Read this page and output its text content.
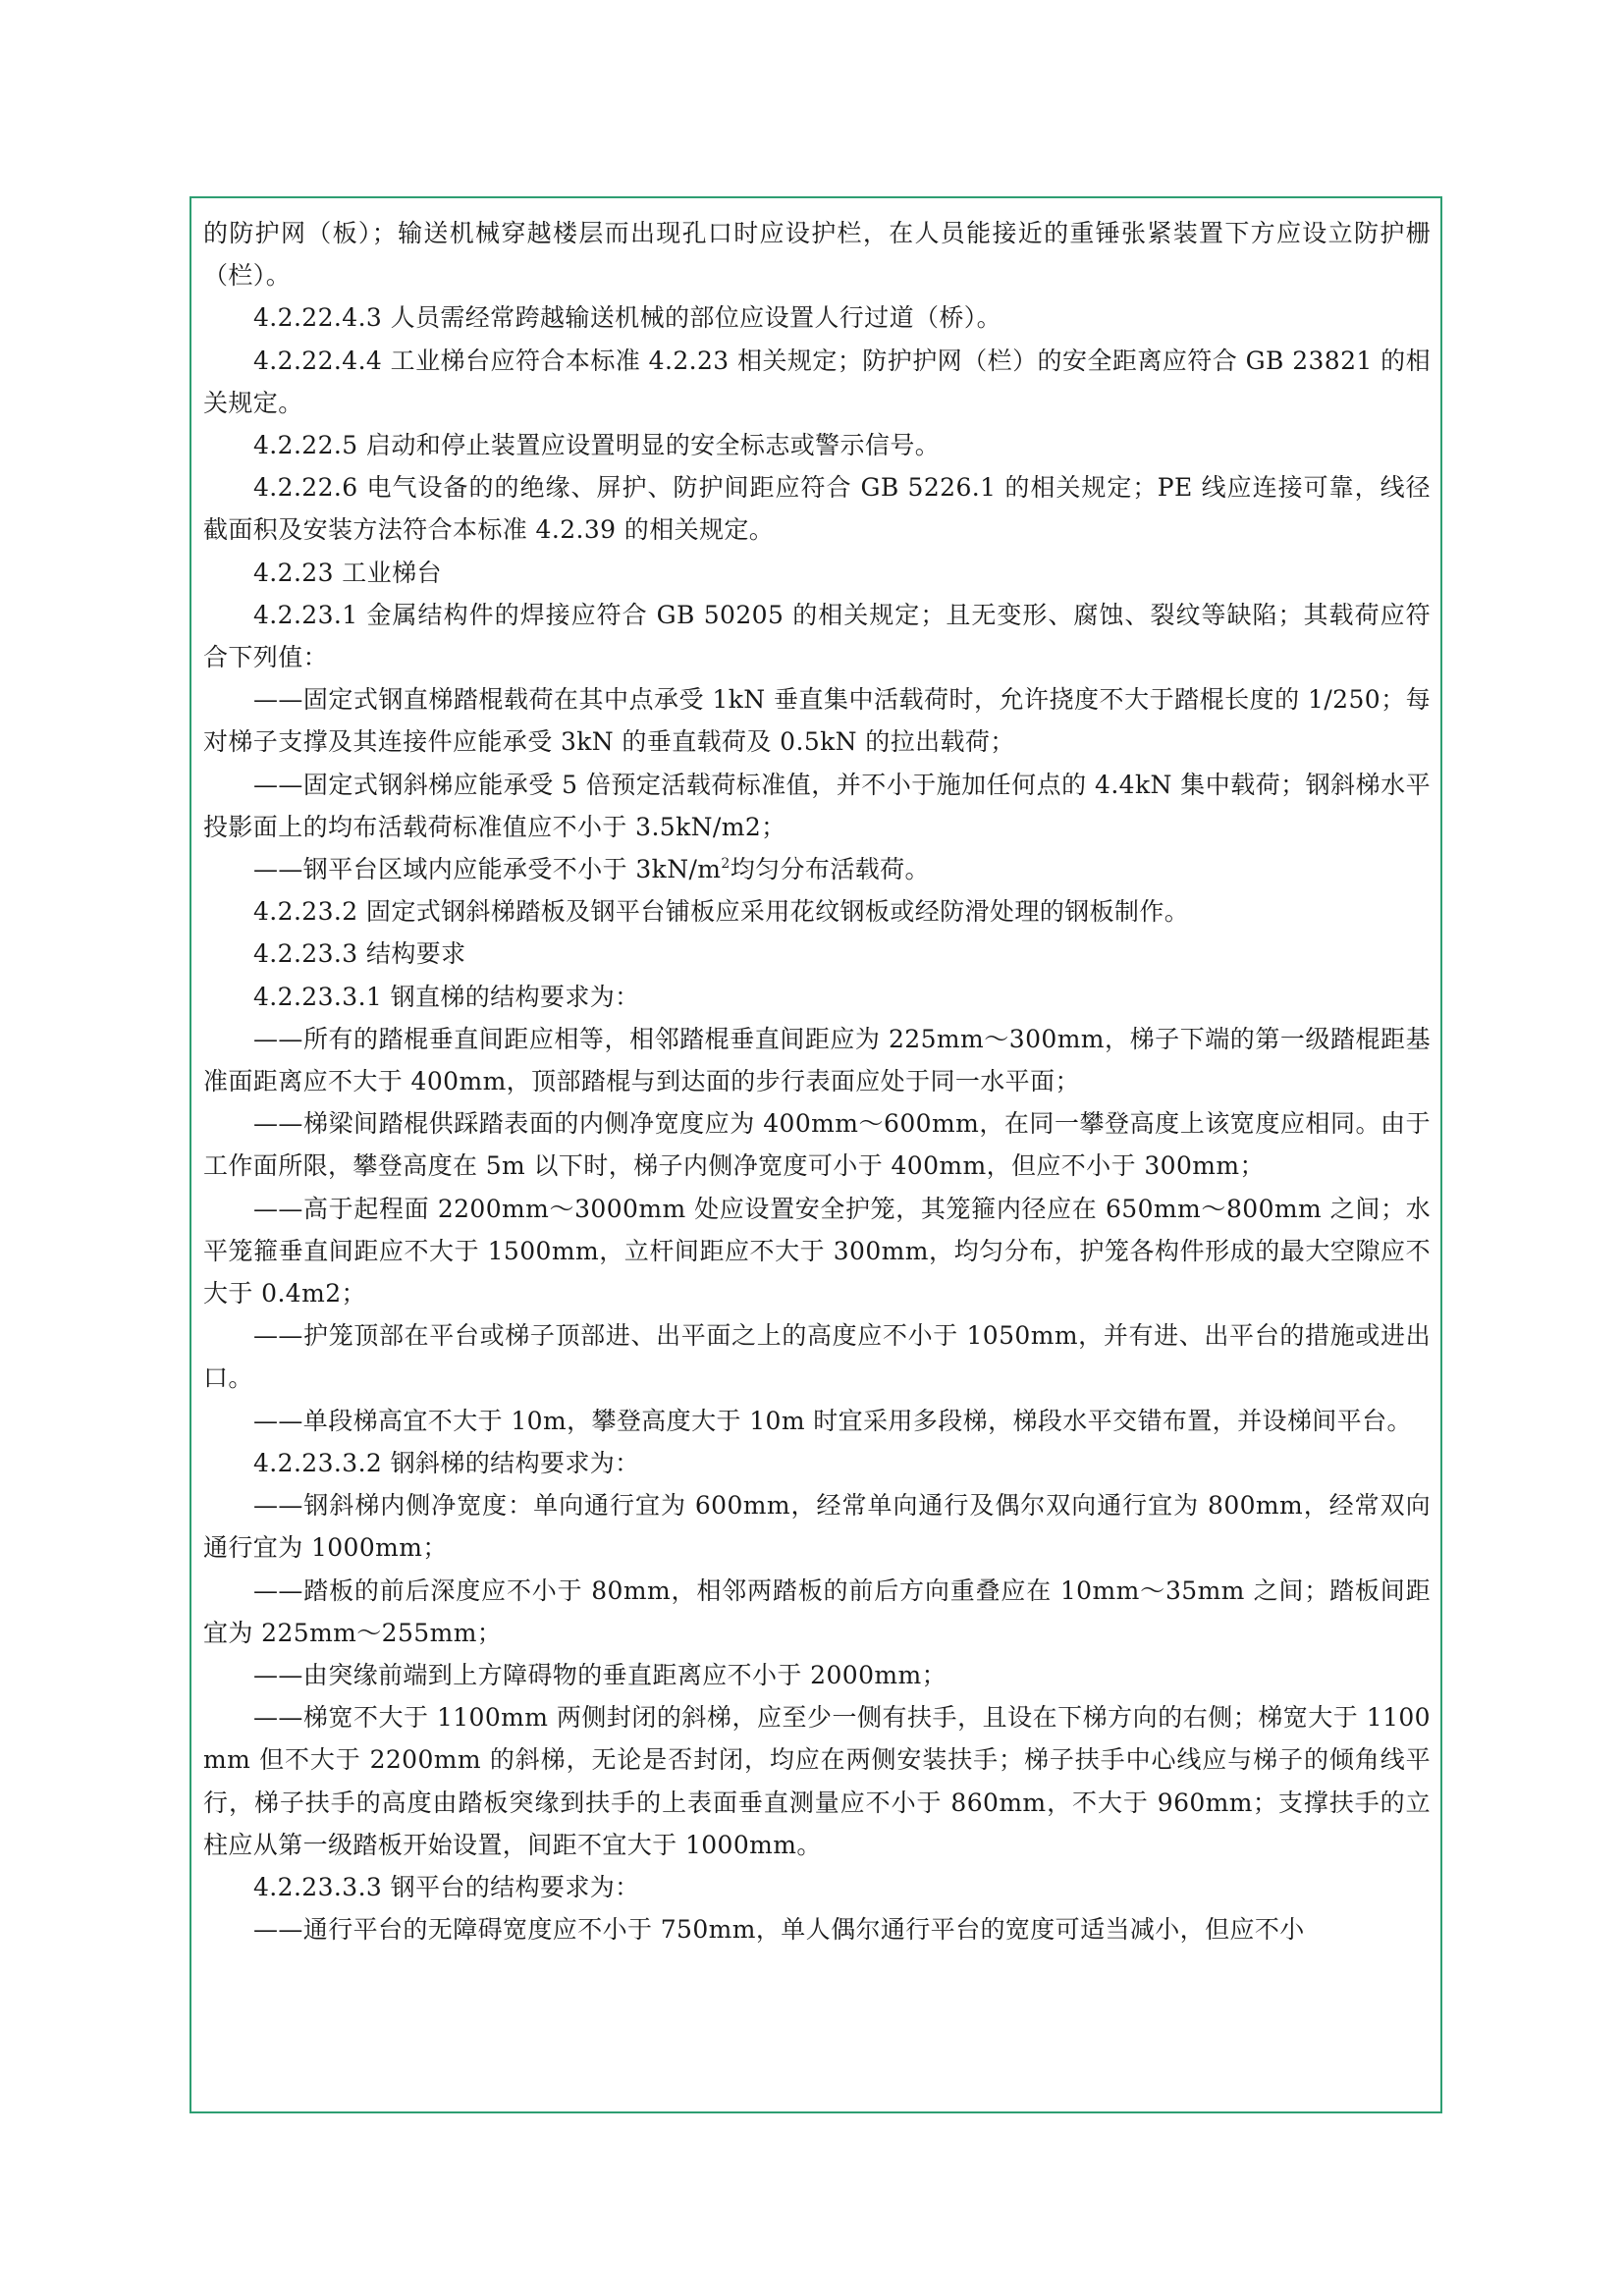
的防护网（板）；输送机械穿越楼层而出现孔口时应设护栏，在人员能接近的重锤张紧装置下方应设立防护栅（栏）。

4.2.22.4.3 人员需经常跨越输送机械的部位应设置人行过道（桥）。

4.2.22.4.4 工业梯台应符合本标准 4.2.23 相关规定；防护护网（栏）的安全距离应符合 GB 23821 的相关规定。

4.2.22.5 启动和停止装置应设置明显的安全标志或警示信号。

4.2.22.6 电气设备的的绝缘、屏护、防护间距应符合 GB 5226.1 的相关规定；PE 线应连接可靠，线径截面积及安装方法符合本标准 4.2.39 的相关规定。

4.2.23 工业梯台

4.2.23.1 金属结构件的焊接应符合 GB 50205 的相关规定；且无变形、腐蚀、裂纹等缺陷；其载荷应符合下列值：

——固定式钢直梯踏棍载荷在其中点承受 1kN 垂直集中活载荷时，允许挠度不大于踏棍长度的 1/250；每对梯子支撑及其连接件应能承受 3kN 的垂直载荷及 0.5kN 的拉出载荷；

——固定式钢斜梯应能承受 5 倍预定活载荷标准值，并不小于施加任何点的 4.4kN 集中载荷；钢斜梯水平投影面上的均布活载荷标准值应不小于 3.5kN/m2；

——钢平台区域内应能承受不小于 $3kN/m^2$均匀分布活载荷。

4.2.23.2 固定式钢斜梯踏板及钢平台铺板应采用花纹钢板或经防滑处理的钢板制作。

4.2.23.3 结构要求

4.2.23.3.1 钢直梯的结构要求为：

——所有的踏棍垂直间距应相等，相邻踏棍垂直间距应为 225mm～300mm，梯子下端的第一级踏棍距基准面距离应不大于 400mm，顶部踏棍与到达面的步行表面应处于同一水平面；

——梯梁间踏棍供踩踏表面的内侧净宽度应为 400mm～600mm，在同一攀登高度上该宽度应相同。由于工作面所限，攀登高度在 5m 以下时，梯子内侧净宽度可小于 400mm，但应不小于 300mm；

——高于起程面 2200mm～3000mm 处应设置安全护笼，其笼箍内径应在 650mm～800mm 之间；水平笼箍垂直间距应不大于 1500mm，立杆间距应不大于 300mm，均匀分布，护笼各构件形成的最大空隙应不大于 0.4m2；

——护笼顶部在平台或梯子顶部进、出平面之上的高度应不小于 1050mm，并有进、出平台的措施或进出口。

——单段梯高宜不大于 10m，攀登高度大于 10m 时宜采用多段梯，梯段水平交错布置，并设梯间平台。

4.2.23.3.2 钢斜梯的结构要求为：

——钢斜梯内侧净宽度：单向通行宜为 600mm，经常单向通行及偶尔双向通行宜为 800mm，经常双向通行宜为 1000mm；

——踏板的前后深度应不小于 80mm，相邻两踏板的前后方向重叠应在 10mm～35mm 之间；踏板间距宜为 225mm～255mm；

——由突缘前端到上方障碍物的垂直距离应不小于 2000mm；

——梯宽不大于 1100mm 两侧封闭的斜梯，应至少一侧有扶手，且设在下梯方向的右侧；梯宽大于 1100mm 但不大于 2200mm 的斜梯，无论是否封闭，均应在两侧安装扶手；梯子扶手中心线应与梯子的倾角线平行，梯子扶手的高度由踏板突缘到扶手的上表面垂直测量应不小于 860mm，不大于 960mm；支撑扶手的立柱应从第一级踏板开始设置，间距不宜大于 1000mm。

4.2.23.3.3 钢平台的结构要求为：

——通行平台的无障碍宽度应不小于 750mm，单人偶尔通行平台的宽度可适当减小，但应不小
